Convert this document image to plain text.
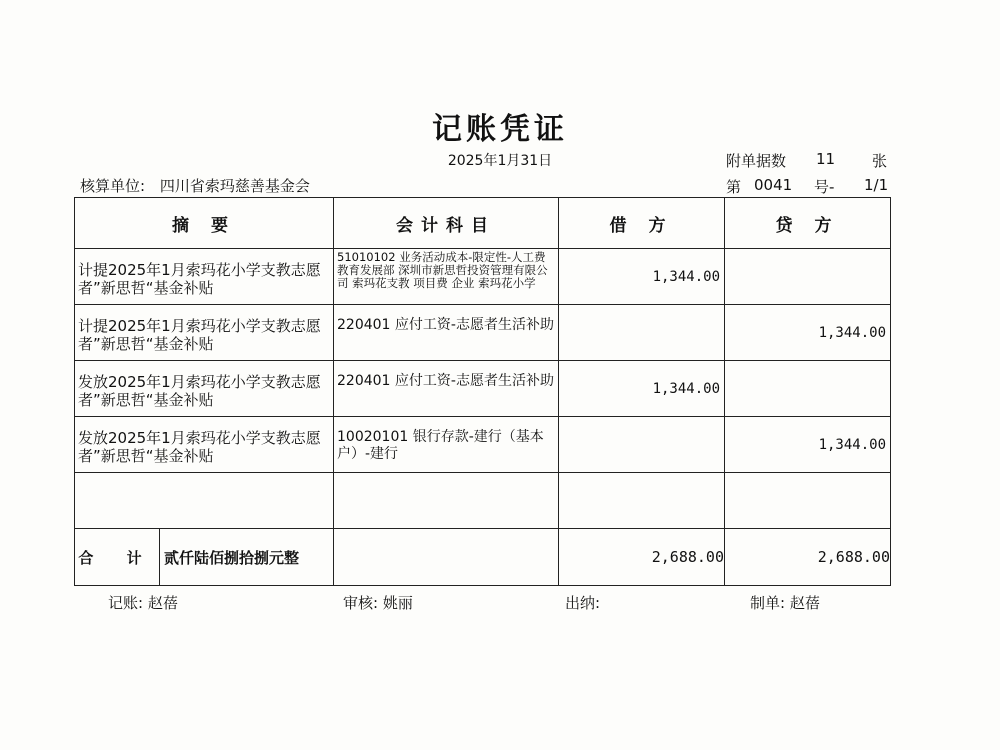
记账凭证
2025年1月31日	附单据数 11 张
核算单位: 四川省索玛慈善基金会	第 0041 号- 1/1
摘 要	会计科目	借 方	贷 方
计提2025年1月索玛花小学支教志愿者”新思哲“基金补贴	51010102 业务活动成本-限定性-人工费 教育发展部 深圳市新思哲投资管理有限公司 索玛花支教 项目费 企业 索玛花小学	1,344.00	
计提2025年1月索玛花小学支教志愿者”新思哲“基金补贴	220401 应付工资-志愿者生活补助		1,344.00
发放2025年1月索玛花小学支教志愿者”新思哲“基金补贴	220401 应付工资-志愿者生活补助	1,344.00	
发放2025年1月索玛花小学支教志愿者”新思哲“基金补贴	10020101 银行存款-建行（基本户）-建行		1,344.00

合 计 贰仟陆佰捌拾捌元整		2,688.00	2,688.00
记账: 赵蓓	审核: 姚丽	出纳:	制单: 赵蓓
